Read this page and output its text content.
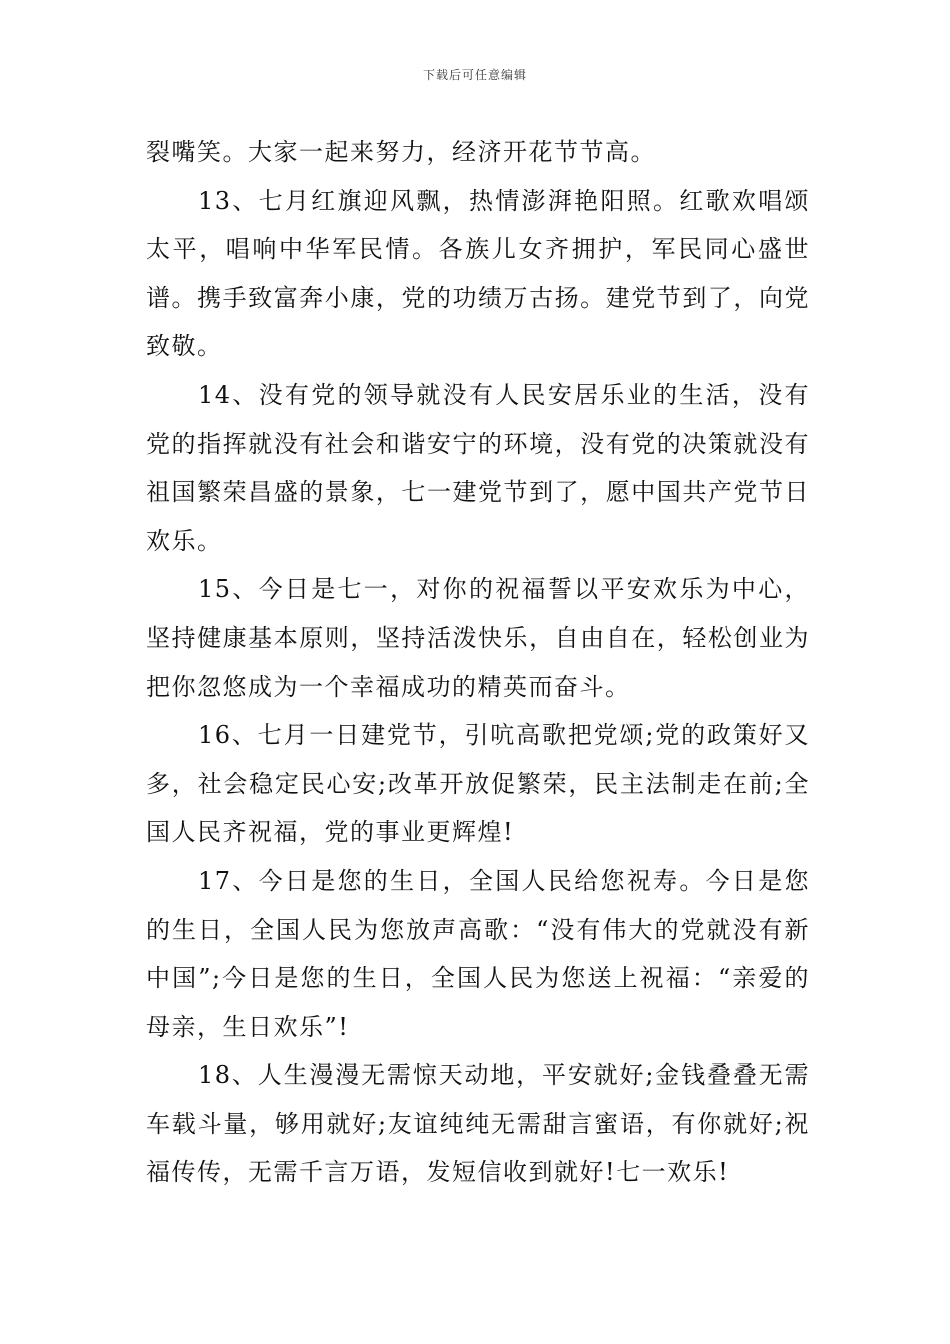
下载后可任意编辑

裂嘴笑。大家一起来努力，经济开花节节高。

13、七月红旗迎风飘，热情澎湃艳阳照。红歌欢唱颂太平，唱响中华军民情。各族儿女齐拥护，军民同心盛世谱。携手致富奔小康，党的功绩万古扬。建党节到了，向党致敬。

14、没有党的领导就没有人民安居乐业的生活，没有党的指挥就没有社会和谐安宁的环境，没有党的决策就没有祖国繁荣昌盛的景象，七一建党节到了，愿中国共产党节日欢乐。

15、今日是七一，对你的祝福誓以平安欢乐为中心，坚持健康基本原则，坚持活泼快乐，自由自在，轻松创业为把你忽悠成为一个幸福成功的精英而奋斗。

16、七月一日建党节，引吭高歌把党颂;党的政策好又多，社会稳定民心安;改革开放促繁荣，民主法制走在前;全国人民齐祝福，党的事业更辉煌!

17、今日是您的生日，全国人民给您祝寿。今日是您的生日，全国人民为您放声高歌：“没有伟大的党就没有新中国”;今日是您的生日，全国人民为您送上祝福：“亲爱的母亲，生日欢乐”!

18、人生漫漫无需惊天动地，平安就好;金钱叠叠无需车载斗量，够用就好;友谊纯纯无需甜言蜜语，有你就好;祝福传传，无需千言万语，发短信收到就好!七一欢乐!
